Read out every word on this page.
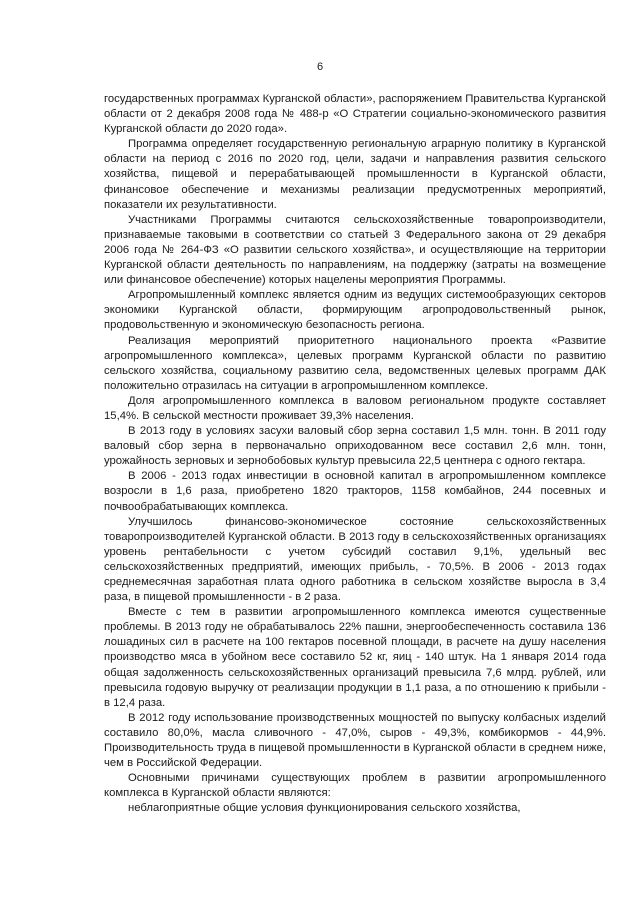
6

государственных программах Курганской области», распоряжением Правительства Курганской области от 2 декабря 2008 года № 488-р «О Стратегии социально-экономического развития Курганской области до 2020 года».

Программа определяет государственную региональную аграрную политику в Курганской области на период с 2016 по 2020 год, цели, задачи и направления развития сельского хозяйства, пищевой и перерабатывающей промышленности в Курганской области, финансовое обеспечение и механизмы реализации предусмотренных мероприятий, показатели их результативности.

Участниками Программы считаются сельскохозяйственные товаропроизводители, признаваемые таковыми в соответствии со статьей 3 Федерального закона от 29 декабря 2006 года № 264-ФЗ «О развитии сельского хозяйства», и осуществляющие на территории Курганской области деятельность по направлениям, на поддержку (затраты на возмещение или финансовое обеспечение) которых нацелены мероприятия Программы.

Агропромышленный комплекс является одним из ведущих системообразующих секторов экономики Курганской области, формирующим агропродовольственный рынок, продовольственную и экономическую безопасность региона.

Реализация мероприятий приоритетного национального проекта «Развитие агропромышленного комплекса», целевых программ Курганской области по развитию сельского хозяйства, социальному развитию села, ведомственных целевых программ ДАК положительно отразилась на ситуации в агропромышленном комплексе.

Доля агропромышленного комплекса в валовом региональном продукте составляет 15,4%. В сельской местности проживает 39,3% населения.

В 2013 году в условиях засухи валовый сбор зерна составил 1,5 млн. тонн. В 2011 году валовый сбор зерна в первоначально оприходованном весе составил 2,6 млн. тонн, урожайность зерновых и зернобобовых культур превысила 22,5 центнера с одного гектара.

В 2006 - 2013 годах инвестиции в основной капитал в агропромышленном комплексе возросли в 1,6 раза, приобретено 1820 тракторов, 1158 комбайнов, 244 посевных и почвообрабатывающих комплекса.

Улучшилось финансово-экономическое состояние сельскохозяйственных товаропроизводителей Курганской области. В 2013 году в сельскохозяйственных организациях уровень рентабельности с учетом субсидий составил 9,1%, удельный вес сельскохозяйственных предприятий, имеющих прибыль, - 70,5%. В 2006 - 2013 годах среднемесячная заработная плата одного работника в сельском хозяйстве выросла в 3,4 раза, в пищевой промышленности - в 2 раза.

Вместе с тем в развитии агропромышленного комплекса имеются существенные проблемы. В 2013 году не обрабатывалось 22% пашни, энергообеспеченность составила 136 лошадиных сил в расчете на 100 гектаров посевной площади, в расчете на душу населения производство мяса в убойном весе составило 52 кг, яиц - 140 штук. На 1 января 2014 года общая задолженность сельскохозяйственных организаций превысила 7,6 млрд. рублей, или превысила годовую выручку от реализации продукции в 1,1 раза, а по отношению к прибыли - в 12,4 раза.

В 2012 году использование производственных мощностей по выпуску колбасных изделий составило 80,0%, масла сливочного - 47,0%, сыров - 49,3%, комбикормов - 44,9%. Производительность труда в пищевой промышленности в Курганской области в среднем ниже, чем в Российской Федерации.

Основными причинами существующих проблем в развитии агропромышленного комплекса в Курганской области являются:

неблагоприятные общие условия функционирования сельского хозяйства,
